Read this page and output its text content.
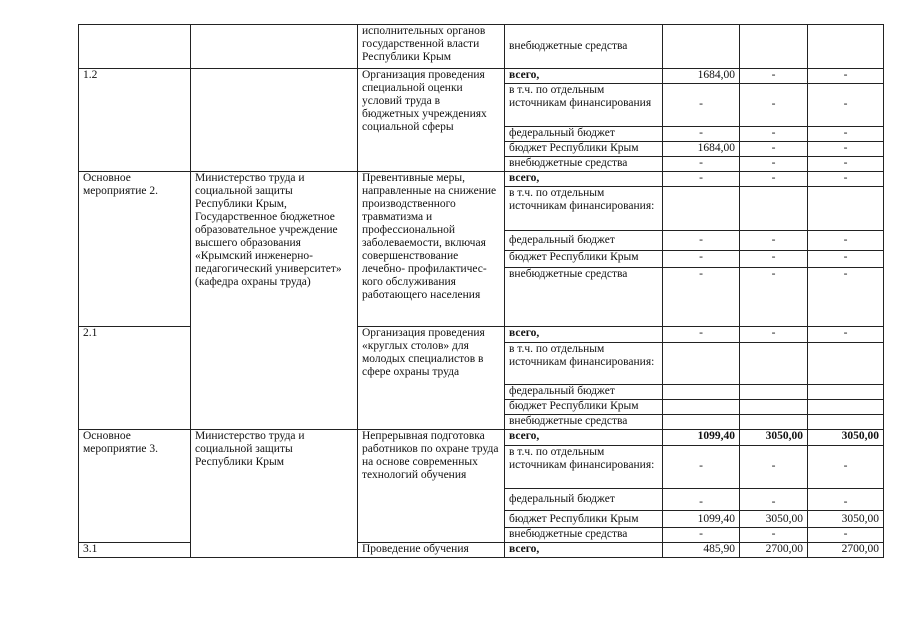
		исполнительных органов государственной власти Республики Крым	внебюджетные средства			
1.2		Организация проведения специальной оценки условий труда в бюджетных учреждениях социальной сферы	всего,	1684,00	-	-
			в т.ч. по отдельным источникам финансирования	-	-	-
			федеральный бюджет	-	-	-
			бюджет Республики Крым	1684,00	-	-
			внебюджетные средства	-	-	-
Основное мероприятие 2.	Министерство труда и социальной защиты Республики Крым, Государственное бюджетное образовательное учреждение высшего образования «Крымский инженерно-педагогический университет» (кафедра охраны труда)	Превентивные меры, направленные на снижение производственного травматизма и профессиональной заболеваемости, включая совершенствование лечебно- профилактичес-кого обслуживания работающего населения	всего,	-	-	-
			в т.ч. по отдельным источникам финансирования:			
			федеральный бюджет	-	-	-
			бюджет Республики Крым	-	-	-
			внебюджетные средства	-	-	-
2.1		Организация проведения «круглых столов» для молодых специалистов в сфере охраны труда	всего,	-	-	-
			в т.ч. по отдельным источникам финансирования:			
			федеральный бюджет			
			бюджет Республики Крым			
			внебюджетные средства			
Основное мероприятие 3.	Министерство труда и социальной защиты Республики Крым	Непрерывная подготовка работников по охране труда на основе современных технологий обучения	всего,	1099,40	3050,00	3050,00
			в т.ч. по отдельным источникам финансирования:	-	-	-
			федеральный бюджет	-	-	-
			бюджет Республики Крым	1099,40	3050,00	3050,00
			внебюджетные средства	-	-	-
3.1		Проведение обучения	всего,	485,90	2700,00	2700,00
